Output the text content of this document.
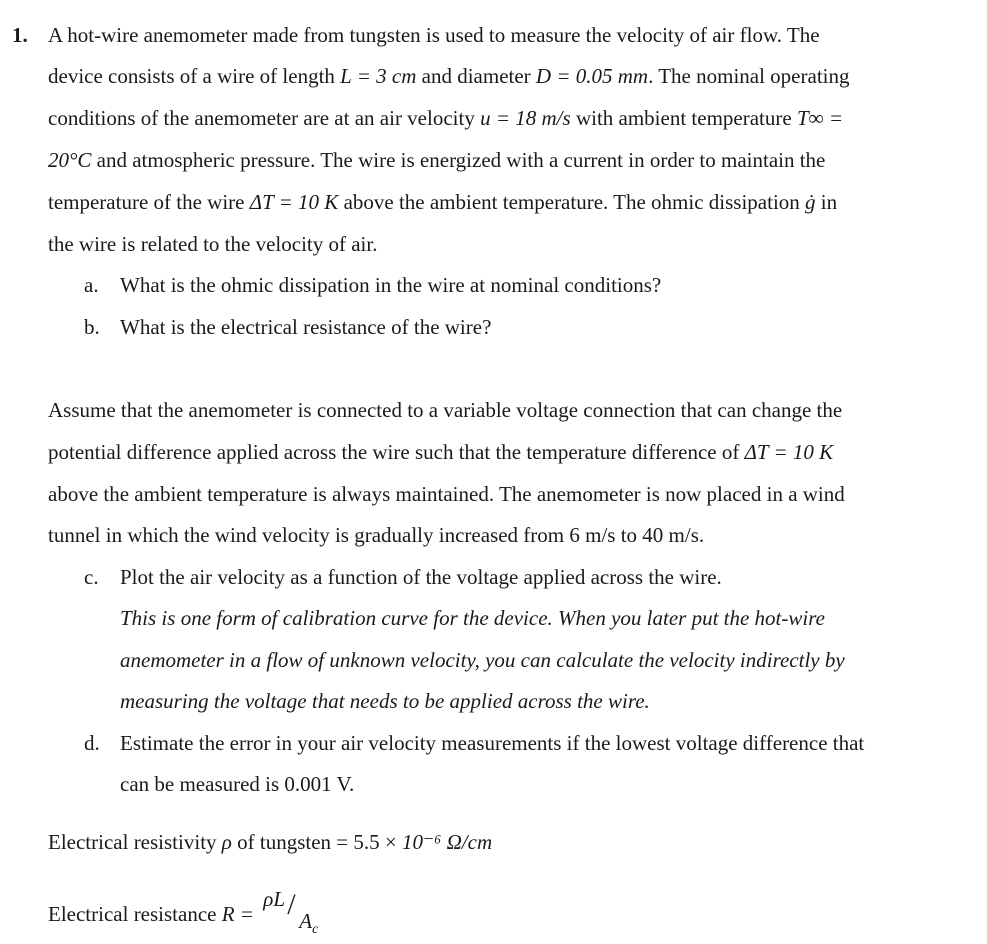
1. A hot-wire anemometer made from tungsten is used to measure the velocity of air flow. The
device consists of a wire of length L = 3 cm and diameter D = 0.05 mm. The nominal operating
conditions of the anemometer are at an air velocity u = 18 m/s with ambient temperature T∞ =
20°C and atmospheric pressure. The wire is energized with a current in order to maintain the
temperature of the wire ΔT = 10 K above the ambient temperature. The ohmic dissipation ġ in
the wire is related to the velocity of air.
a. What is the ohmic dissipation in the wire at nominal conditions?
b. What is the electrical resistance of the wire?
Assume that the anemometer is connected to a variable voltage connection that can change the
potential difference applied across the wire such that the temperature difference of ΔT = 10 K
above the ambient temperature is always maintained. The anemometer is now placed in a wind
tunnel in which the wind velocity is gradually increased from 6 m/s to 40 m/s.
c. Plot the air velocity as a function of the voltage applied across the wire.
This is one form of calibration curve for the device. When you later put the hot-wire
anemometer in a flow of unknown velocity, you can calculate the velocity indirectly by
measuring the voltage that needs to be applied across the wire.
d. Estimate the error in your air velocity measurements if the lowest voltage difference that
can be measured is 0.001 V.
Electrical resistivity ρ of tungsten = 5.5 × 10⁻⁶ Ω/cm
Electrical resistance R =
ρL / $A_c$
